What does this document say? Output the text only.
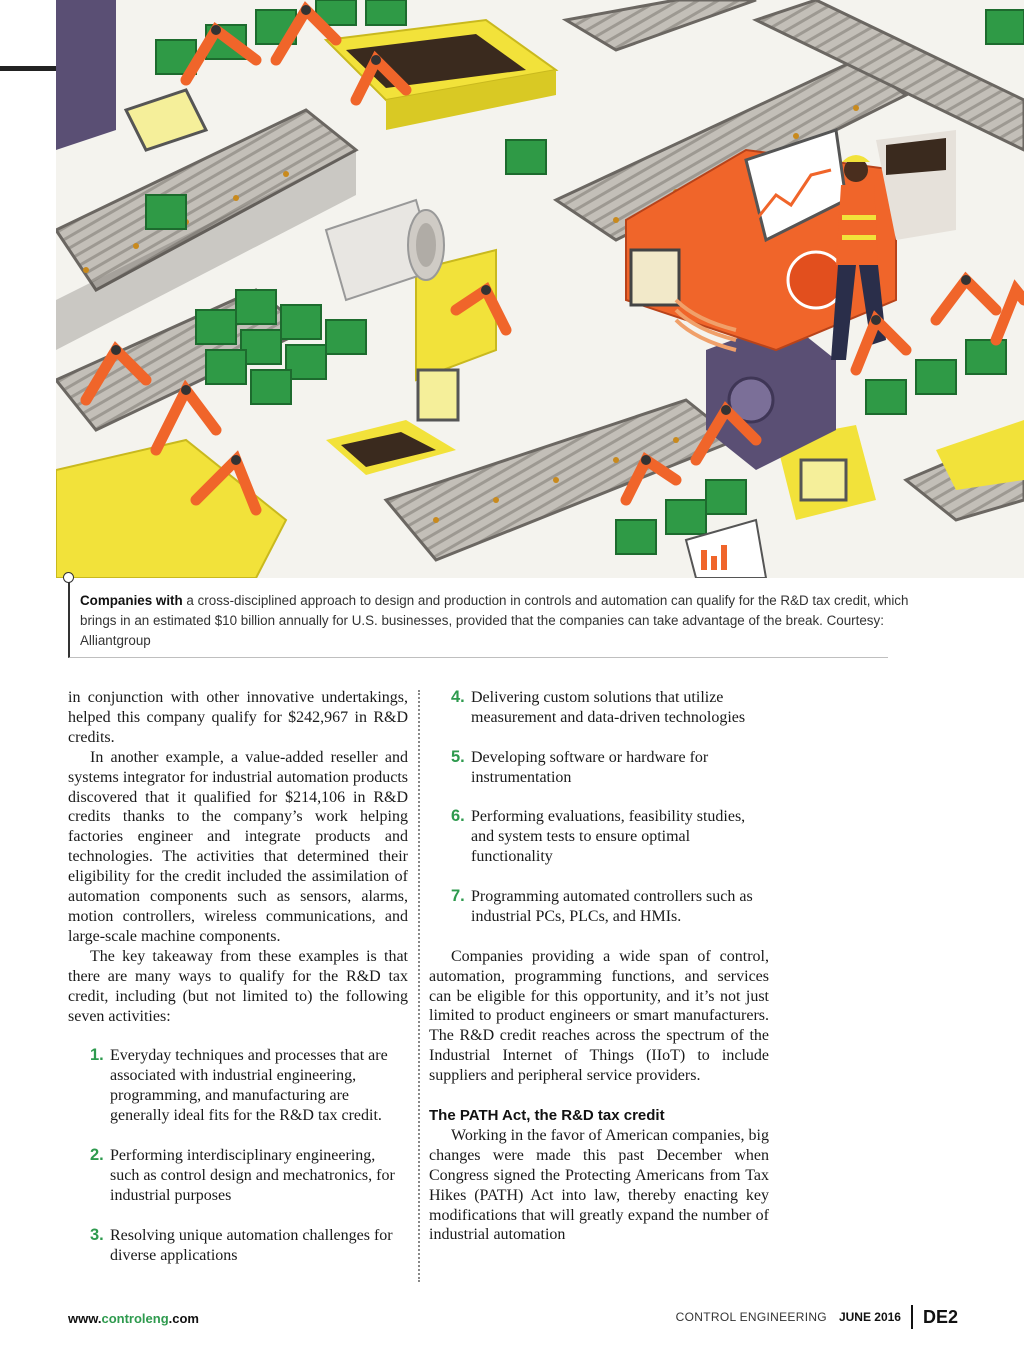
Companies with a cross-disciplined approach to design and production in controls and automation can qualify for the R&D tax credit, which brings in an estimated $10 billion annually for U.S. businesses, provided that the companies can take advantage of the break. Courtesy: Alliantgroup

in conjunction with other innovative undertakings, helped this company qualify for $242,967 in R&D credits.

In another example, a value-added reseller and systems integrator for industrial automation products discovered that it qualified for $214,106 in R&D credits thanks to the company’s work helping factories engineer and integrate products and technologies. The activities that determined their eligibility for the credit included the assimilation of automation components such as sensors, alarms, motion controllers, wireless communications, and large-scale machine components.

The key takeaway from these examples is that there are many ways to qualify for the R&D tax credit, including (but not limited to) the following seven activities:

1. Everyday techniques and processes that are associated with industrial engineering, programming, and manufacturing are generally ideal fits for the R&D tax credit.
2. Performing interdisciplinary engineering, such as control design and mechatronics, for industrial purposes
3. Resolving unique automation challenges for diverse applications
4. Delivering custom solutions that utilize measurement and data-driven technologies
5. Developing software or hardware for instrumentation
6. Performing evaluations, feasibility studies, and system tests to ensure optimal functionality
7. Programming automated controllers such as industrial PCs, PLCs, and HMIs.

Companies providing a wide span of control, automation, programming functions, and services can be eligible for this opportunity, and it’s not just limited to product engineers or smart manufacturers. The R&D credit reaches across the spectrum of the Industrial Internet of Things (IIoT) to include suppliers and peripheral service providers.

The PATH Act, the R&D tax credit

Working in the favor of American companies, big changes were made this past December when Congress signed the Protecting Americans from Tax Hikes (PATH) Act into law, thereby enacting key modifications that will greatly expand the number of industrial automation

www.controleng.com	CONTROL ENGINEERING JUNE 2016 DE2
